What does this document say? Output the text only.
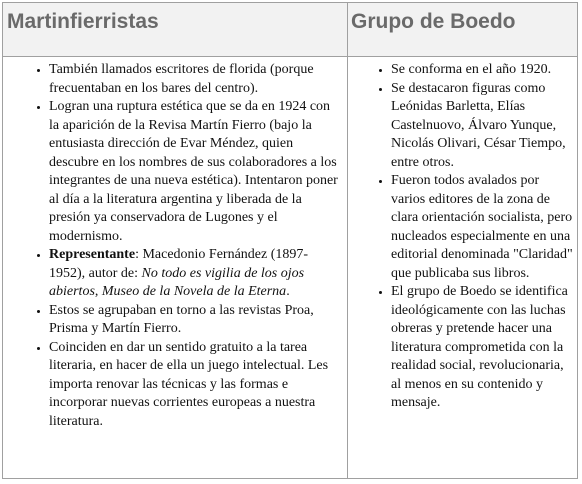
Martinfierristas	Grupo de Boedo
• También llamados escritores de florida (porque frecuentaban en los bares del centro).
• Logran una ruptura estética que se da en 1924 con la aparición de la Revisa Martín Fierro (bajo la entusiasta dirección de Evar Méndez, quien descubre en los nombres de sus colaboradores a los integrantes de una nueva estética). Intentaron poner al día a la literatura argentina y liberada de la presión ya conservadora de Lugones y el modernismo.
• Representante: Macedonio Fernández (1897-1952), autor de: No todo es vigilia de los ojos abiertos, Museo de la Novela de la Eterna.
• Estos se agrupaban en torno a las revistas Proa, Prisma y Martín Fierro.
• Coinciden en dar un sentido gratuito a la tarea literaria, en hacer de ella un juego intelectual. Les importa renovar las técnicas y las formas e incorporar nuevas corrientes europeas a nuestra literatura.
• Se conforma en el año 1920.
• Se destacaron figuras como Leónidas Barletta, Elías Castelnuovo, Álvaro Yunque, Nicolás Olivari, César Tiempo, entre otros.
• Fueron todos avalados por varios editores de la zona de clara orientación socialista, pero nucleados especialmente en una editorial denominada "Claridad" que publicaba sus libros.
• El grupo de Boedo se identifica ideológicamente con las luchas obreras y pretende hacer una literatura comprometida con la realidad social, revolucionaria, al menos en su contenido y mensaje.
